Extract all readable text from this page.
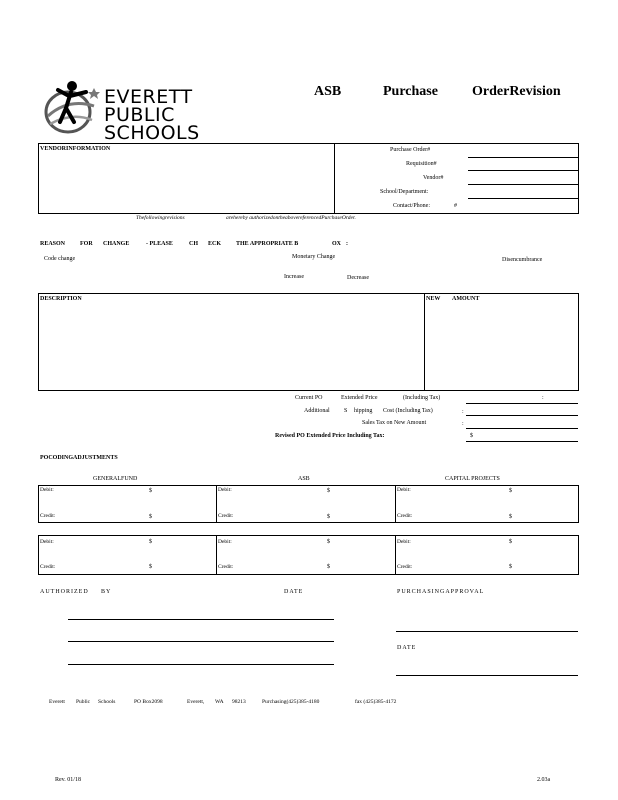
EVERETT
PUBLIC
SCHOOLS
ASB	Purchase OrderRevision
VENDORINFORMATION	Purchase Order#
Requisition#
Vendor#
School/Department:
Contact/Phone:	#
Thefollowingrevisions	arehereby authorizedontheabovereferencedPurchaseOrder.
REASON FOR CHANGE	- PLEASE	CH ECK THE APPROPRIATE B	OX :
Code change	Monetary Change	Disencumbrance
Increase	Decrease
DESCRIPTION	NEW AMOUNT
Current PO	Extended Price	(Including Tax)	:
Additional S hipping Cost (Including Tax)	:
Sales Tax on New Amount	:
Revised PO Extended Price Including Tax:	$
POCODINGADJUSTMENTS
GENERALFUND	ASB	CAPITAL PROJECTS
Debit:	$	Debit:	$	Debit:	$
Credit:	$	Credit:	$	Credit:	$
Debit:	$	Debit:	$	Debit:	$
Credit:	$	Credit:	$	Credit:	$
AUTHORIZED BY	DATE	PURCHASINGAPPROVAL
DATE
Everett Public Schools	PO Box2098	Everett, WA 98213	Purchasing(425)385-4180	fax (425)385-4172
Rev. 01/18	2.03a
